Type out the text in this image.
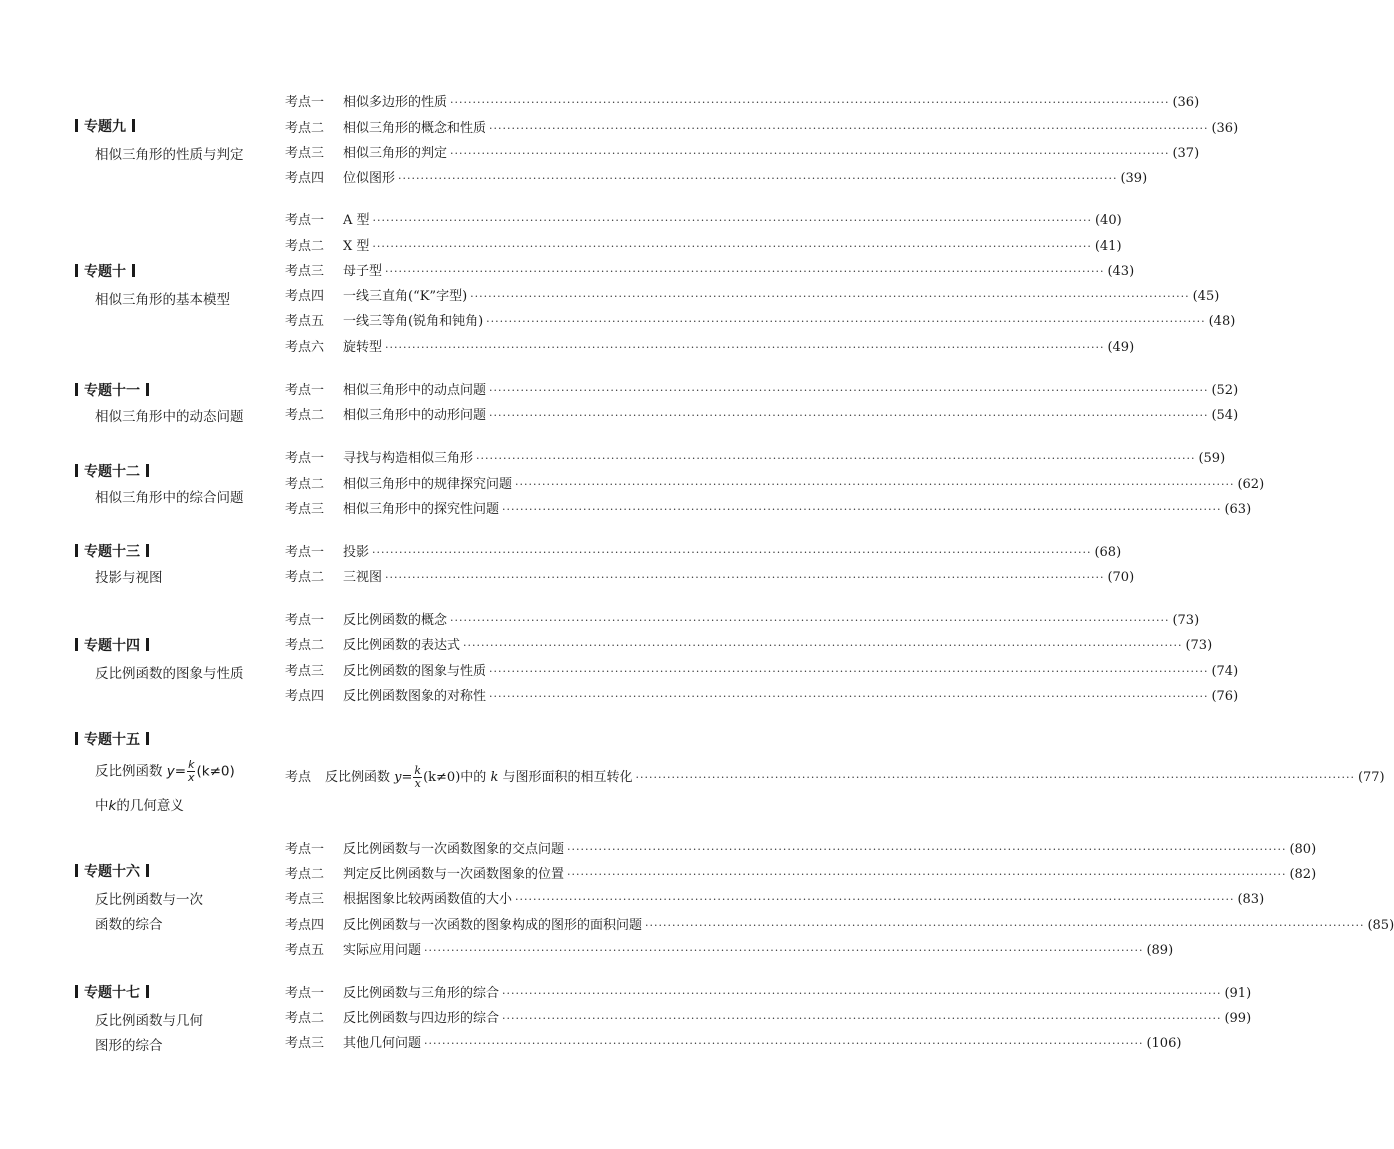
专题九
相似三角形的性质与判定
考点一	相似多边形的性质 ································································································································································ (36)
考点二	相似三角形的概念和性质 ································································································································································ (36)
考点三	相似三角形的判定 ································································································································································ (37)
考点四	位似图形 ································································································································································ (39)
专题十
相似三角形的基本模型
考点一	A 型 ································································································································································ (40)
考点二	X 型 ································································································································································ (41)
考点三	母子型 ································································································································································ (43)
考点四	一线三直角(“K”字型) ································································································································································ (45)
考点五	一线三等角(锐角和钝角) ································································································································································ (48)
考点六	旋转型 ································································································································································ (49)
专题十一
相似三角形中的动态问题
考点一	相似三角形中的动点问题 ································································································································································ (52)
考点二	相似三角形中的动形问题 ································································································································································ (54)
专题十二
相似三角形中的综合问题
考点一	寻找与构造相似三角形 ································································································································································ (59)
考点二	相似三角形中的规律探究问题 ································································································································································ (62)
考点三	相似三角形中的探究性问题 ································································································································································ (63)
专题十三
投影与视图
考点一	投影 ································································································································································ (68)
考点二	三视图 ································································································································································ (70)
专题十四
反比例函数的图象与性质
考点一	反比例函数的概念 ································································································································································ (73)
考点二	反比例函数的表达式 ································································································································································ (73)
考点三	反比例函数的图象与性质 ································································································································································ (74)
考点四	反比例函数图象的对称性 ································································································································································ (76)
专题十五
反比例函数 $y= \frac{k}{x} (k\ne 0)$
中k的几何意义
考点	反比例函数 $y= \frac{k}{x} (k\ne 0)$中的 k 与图形面积的相互转化 ································································································································································ (77)
专题十六
反比例函数与一次
函数的综合
考点一	反比例函数与一次函数图象的交点问题 ································································································································································ (80)
考点二	判定反比例函数与一次函数图象的位置 ································································································································································ (82)
考点三	根据图象比较两函数值的大小 ································································································································································ (83)
考点四	反比例函数与一次函数的图象构成的图形的面积问题 ································································································································································ (85)
考点五	实际应用问题 ································································································································································ (89)
专题十七
反比例函数与几何
图形的综合
考点一	反比例函数与三角形的综合 ································································································································································ (91)
考点二	反比例函数与四边形的综合 ································································································································································ (99)
考点三	其他几何问题 ································································································································································ (106)
